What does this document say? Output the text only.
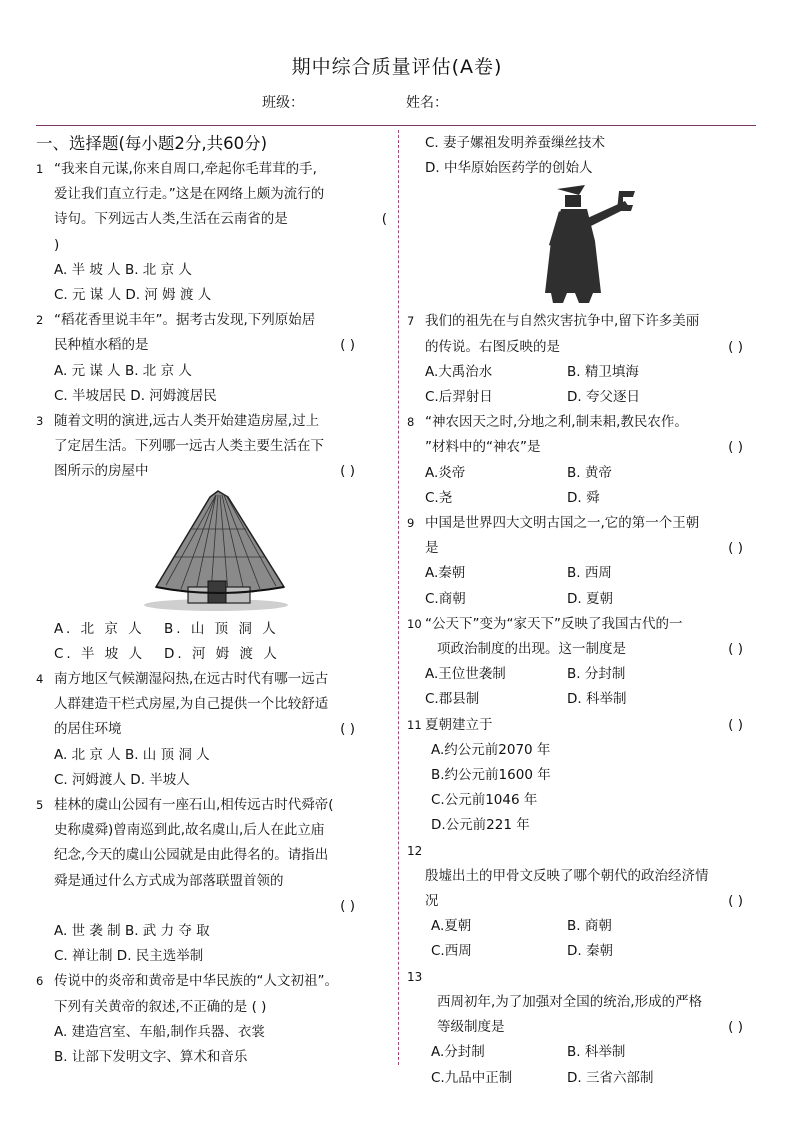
期中综合质量评估(A卷)
班级：	姓名：
一、选择题(每小题2分,共60分)
1 “我来自元谋,你来自周口,牵起你毛茸茸的手,
爱让我们直立行走。”这是在网络上颇为流行的
(
诗句。下列远古人类,生活在云南省的是
)
A. 半 坡 人 B. 北 京 人
C. 元 谋 人 D. 河 姆 渡 人
2 “稻花香里说丰年”。据考古发现,下列原始居
( )
民种植水稻的是
A. 元 谋 人 B. 北 京 人
C. 半坡居民 D. 河姆渡居民
3 随着文明的演进,远古人类开始建造房屋,过上
了定居生活。下列哪一远古人类主要生活在下
( )
图所示的房屋中
A. 北 京 人	B. 山 顶 洞 人
C. 半 坡 人	D. 河 姆 渡 人
4 南方地区气候潮湿闷热,在远古时代有哪一远古
人群建造干栏式房屋,为自己提供一个比较舒适
( )
的居住环境
A. 北 京 人 B. 山 顶 洞 人
C. 河姆渡人 D. 半坡人
5 桂林的虞山公园有一座石山,相传远古时代舜帝(
史称虞舜)曾南巡到此,故名虞山,后人在此立庙
纪念,今天的虞山公园就是由此得名的。请指出
舜是通过什么方式成为部落联盟首领的
( )
A. 世 袭 制 B. 武 力 夺 取
C. 禅让制 D. 民主选举制
6 传说中的炎帝和黄帝是中华民族的“人文初祖”。
下列有关黄帝的叙述,不正确的是 ( )
A. 建造宫室、车船,制作兵器、衣裳
B. 让部下发明文字、算术和音乐
C. 妻子嫘祖发明养蚕缫丝技术
D. 中华原始医药学的创始人
7 我们的祖先在与自然灾害抗争中,留下许多美丽
( )
的传说。右图反映的是
A.大禹治水	B. 精卫填海
C.后羿射日	D. 夸父逐日
8 “神农因天之时,分地之利,制耒耜,教民农作。
( )
”材料中的“神农”是
A.炎帝	B. 黄帝
C.尧	D. 舜
9 中国是世界四大文明古国之一,它的第一个王朝
( )
是
A.秦朝	B. 西周
C.商朝	D. 夏朝
10 “公天下”变为“家天下”反映了我国古代的一
( )
项政治制度的出现。这一制度是
A.王位世袭制	B. 分封制
C.郡县制	D. 科举制
11	( )
夏朝建立于
A.约公元前2070 年
B.约公元前1600 年
C.公元前1046 年
D.公元前221 年
12
殷墟出土的甲骨文反映了哪个朝代的政治经济情
( )
况
A.夏朝	B. 商朝
C.西周	D. 秦朝
13
西周初年,为了加强对全国的统治,形成的严格
( )
等级制度是
A.分封制	B. 科举制
C.九品中正制	D. 三省六部制
